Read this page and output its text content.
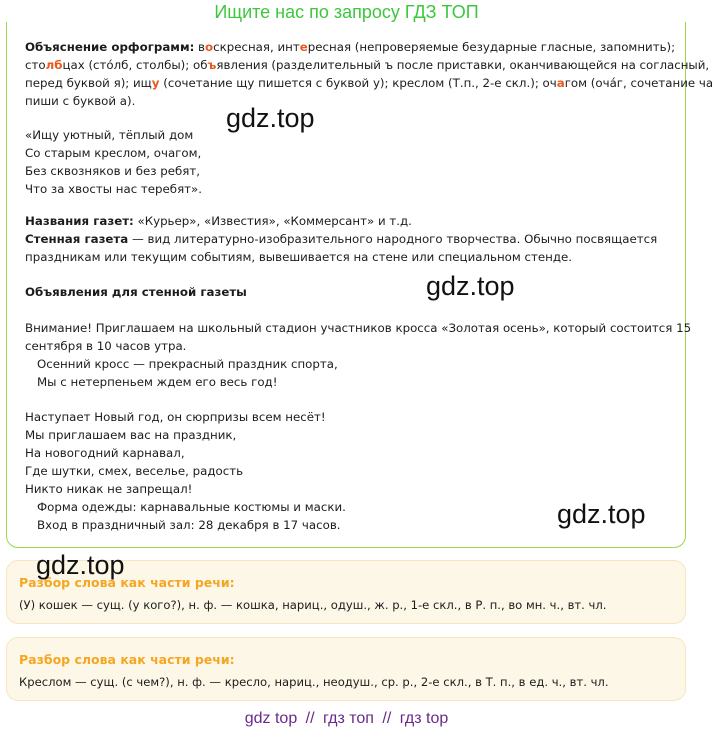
Ищите нас по запросу ГДЗ ТОП
Объяснение орфограмм: воскресная, интересная (непроверяемые безударные гласные, запомнить);
столбцах (стóлб, столбы); объявления (разделительный ъ после приставки, оканчивающейся на согласный,
перед буквой я); ищу (сочетание щу пишется с буквой у); креслом (Т.п., 2-е скл.); очагом (очáг, сочетание ча
пиши с буквой а).
«Ищу уютный, тёплый дом
Со старым креслом, очагом,
Без сквозняков и без ребят,
Что за хвосты нас теребят».
Названия газет: «Курьер», «Известия», «Коммерсант» и т.д.
Стенная газета — вид литературно-изобразительного народного творчества. Обычно посвящается
праздникам или текущим событиям, вывешивается на стене или специальном стенде.
Объявления для стенной газеты
Внимание! Приглашаем на школьный стадион участников кросса «Золотая осень», который состоится 15
сентября в 10 часов утра.
Осенний кросс — прекрасный праздник спорта,
Мы с нетерпеньем ждем его весь год!
Наступает Новый год, он сюрпризы всем несёт!
Мы приглашаем вас на праздник,
На новогодний карнавал,
Где шутки, смех, веселье, радость
Никто никак не запрещал!
Форма одежды: карнавальные костюмы и маски.
Вход в праздничный зал: 28 декабря в 17 часов.
gdz.top
gdz.top
gdz.top
Разбор слова как части речи:
(У) кошек — сущ. (у кого?), н. ф. — кошка, нариц., одуш., ж. р., 1-е скл., в Р. п., во мн. ч., вт. чл.
gdz.top
Разбор слова как части речи:
Креслом — сущ. (с чем?), н. ф. — кресло, нариц., неодуш., ср. р., 2-е скл., в Т. п., в ед. ч., вт. чл.
gdz top // гдз топ // гдз top
